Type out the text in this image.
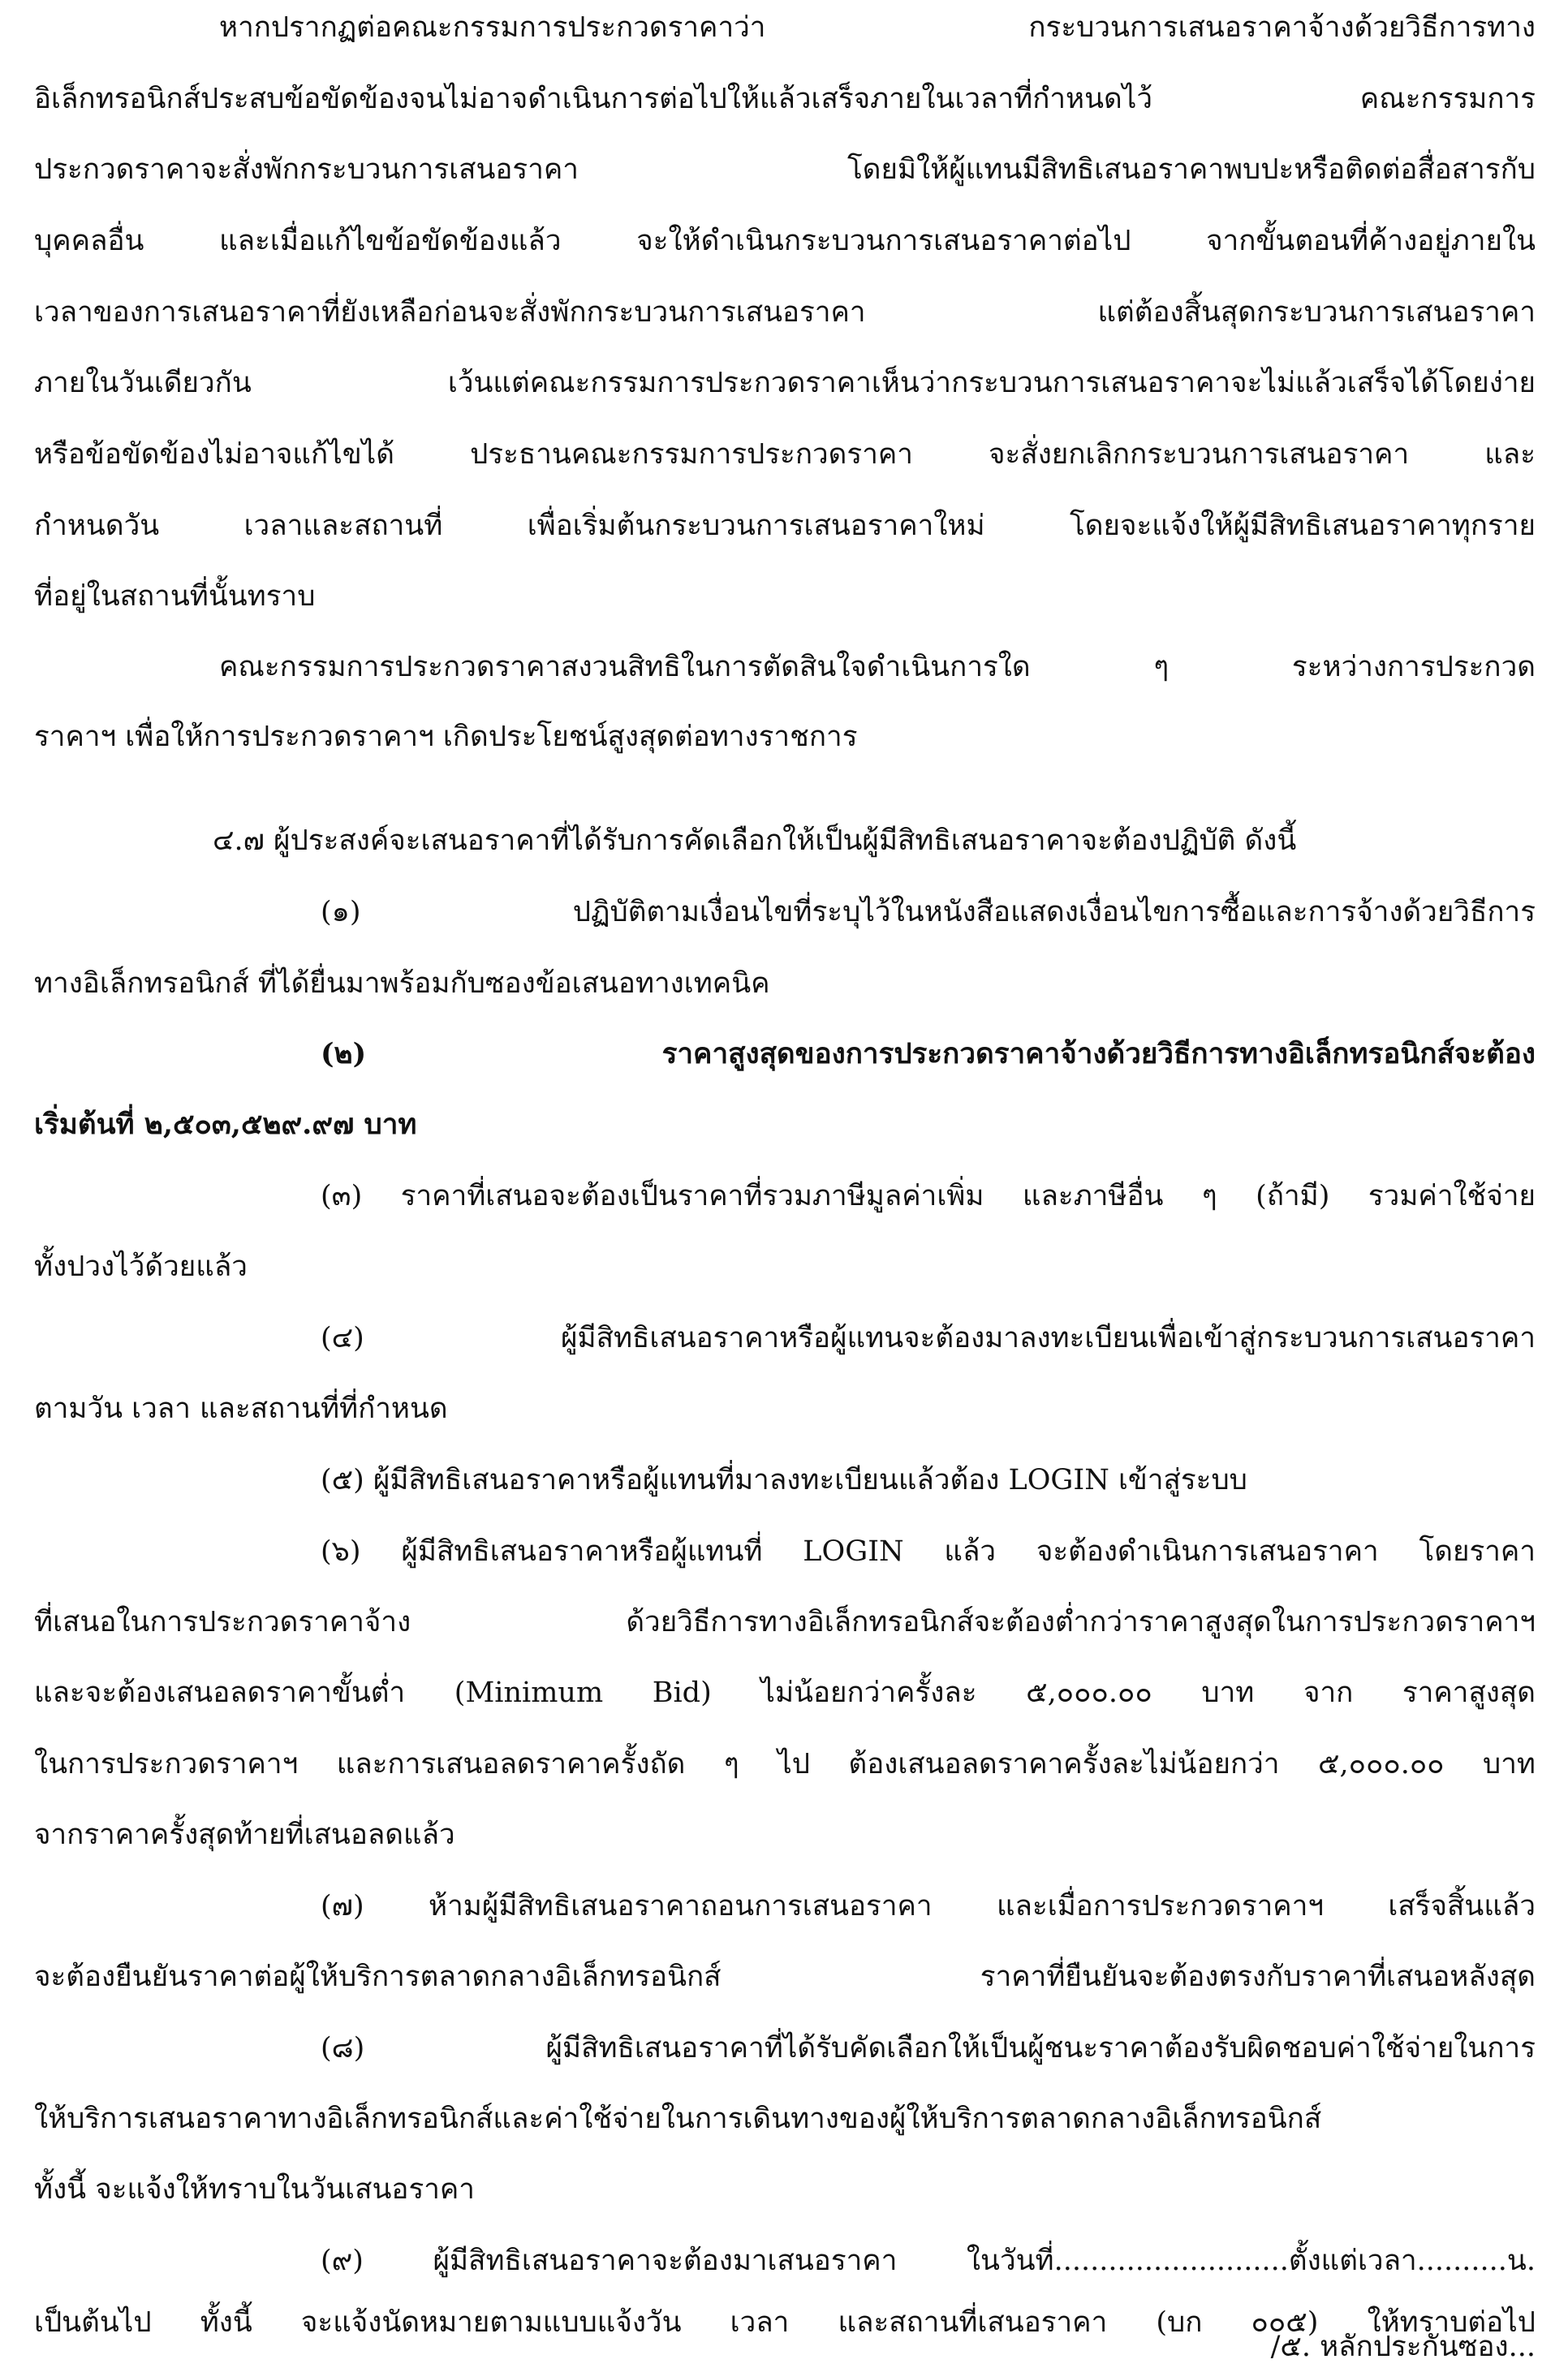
หากปรากฏต่อคณะกรรมการประกวดราคาว่า กระบวนการเสนอราคาจ้างด้วยวิธีการทาง
อิเล็กทรอนิกส์ประสบข้อขัดข้องจนไม่อาจดำเนินการต่อไปให้แล้วเสร็จภายในเวลาที่กำหนดไว้ คณะกรรมการ
ประกวดราคาจะสั่งพักกระบวนการเสนอราคา โดยมิให้ผู้แทนมีสิทธิเสนอราคาพบปะหรือติดต่อสื่อสารกับ
บุคคลอื่น และเมื่อแก้ไขข้อขัดข้องแล้ว จะให้ดำเนินกระบวนการเสนอราคาต่อไป จากขั้นตอนที่ค้างอยู่ภายใน
เวลาของการเสนอราคาที่ยังเหลือก่อนจะสั่งพักกระบวนการเสนอราคา แต่ต้องสิ้นสุดกระบวนการเสนอราคา
ภายในวันเดียวกัน เว้นแต่คณะกรรมการประกวดราคาเห็นว่ากระบวนการเสนอราคาจะไม่แล้วเสร็จได้โดยง่าย
หรือข้อขัดข้องไม่อาจแก้ไขได้ ประธานคณะกรรมการประกวดราคา จะสั่งยกเลิกกระบวนการเสนอราคา และ
กำหนดวัน เวลาและสถานที่ เพื่อเริ่มต้นกระบวนการเสนอราคาใหม่ โดยจะแจ้งให้ผู้มีสิทธิเสนอราคาทุกราย
ที่อยู่ในสถานที่นั้นทราบ
คณะกรรมการประกวดราคาสงวนสิทธิในการตัดสินใจดำเนินการใด ๆ ระหว่างการประกวด
ราคาฯ เพื่อให้การประกวดราคาฯ เกิดประโยชน์สูงสุดต่อทางราชการ
๔.๗ ผู้ประสงค์จะเสนอราคาที่ได้รับการคัดเลือกให้เป็นผู้มีสิทธิเสนอราคาจะต้องปฏิบัติ ดังนี้
(๑) ปฏิบัติตามเงื่อนไขที่ระบุไว้ในหนังสือแสดงเงื่อนไขการซื้อและการจ้างด้วยวิธีการ
ทางอิเล็กทรอนิกส์ ที่ได้ยื่นมาพร้อมกับซองข้อเสนอทางเทคนิค
(๒) ราคาสูงสุดของการประกวดราคาจ้างด้วยวิธีการทางอิเล็กทรอนิกส์จะต้อง
เริ่มต้นที่ ๒,๕๐๓,๕๒๙.๙๗ บาท
(๓) ราคาที่เสนอจะต้องเป็นราคาที่รวมภาษีมูลค่าเพิ่ม และภาษีอื่น ๆ (ถ้ามี) รวมค่าใช้จ่าย
ทั้งปวงไว้ด้วยแล้ว
(๔) ผู้มีสิทธิเสนอราคาหรือผู้แทนจะต้องมาลงทะเบียนเพื่อเข้าสู่กระบวนการเสนอราคา
ตามวัน เวลา และสถานที่ที่กำหนด
(๕) ผู้มีสิทธิเสนอราคาหรือผู้แทนที่มาลงทะเบียนแล้วต้อง LOGIN เข้าสู่ระบบ
(๖) ผู้มีสิทธิเสนอราคาหรือผู้แทนที่ LOGIN แล้ว จะต้องดำเนินการเสนอราคา โดยราคา
ที่เสนอในการประกวดราคาจ้าง ด้วยวิธีการทางอิเล็กทรอนิกส์จะต้องต่ำกว่าราคาสูงสุดในการประกวดราคาฯ
และจะต้องเสนอลดราคาขั้นต่ำ (Minimum Bid) ไม่น้อยกว่าครั้งละ ๕,๐๐๐.๐๐ บาท จาก ราคาสูงสุด
ในการประกวดราคาฯ และการเสนอลดราคาครั้งถัด ๆ ไป ต้องเสนอลดราคาครั้งละไม่น้อยกว่า ๕,๐๐๐.๐๐ บาท
จากราคาครั้งสุดท้ายที่เสนอลดแล้ว
(๗) ห้ามผู้มีสิทธิเสนอราคาถอนการเสนอราคา และเมื่อการประกวดราคาฯ เสร็จสิ้นแล้ว
จะต้องยืนยันราคาต่อผู้ให้บริการตลาดกลางอิเล็กทรอนิกส์ ราคาที่ยืนยันจะต้องตรงกับราคาที่เสนอหลังสุด
(๘) ผู้มีสิทธิเสนอราคาที่ได้รับคัดเลือกให้เป็นผู้ชนะราคาต้องรับผิดชอบค่าใช้จ่ายในการ
ให้บริการเสนอราคาทางอิเล็กทรอนิกส์และค่าใช้จ่ายในการเดินทางของผู้ให้บริการตลาดกลางอิเล็กทรอนิกส์
ทั้งนี้ จะแจ้งให้ทราบในวันเสนอราคา
(๙) ผู้มีสิทธิเสนอราคาจะต้องมาเสนอราคา ในวันที่..........................ตั้งแต่เวลา..........น.
เป็นต้นไป ทั้งนี้ จะแจ้งนัดหมายตามแบบแจ้งวัน เวลา และสถานที่เสนอราคา (บก ๐๐๕) ให้ทราบต่อไป
/๕. หลักประกันซอง...
